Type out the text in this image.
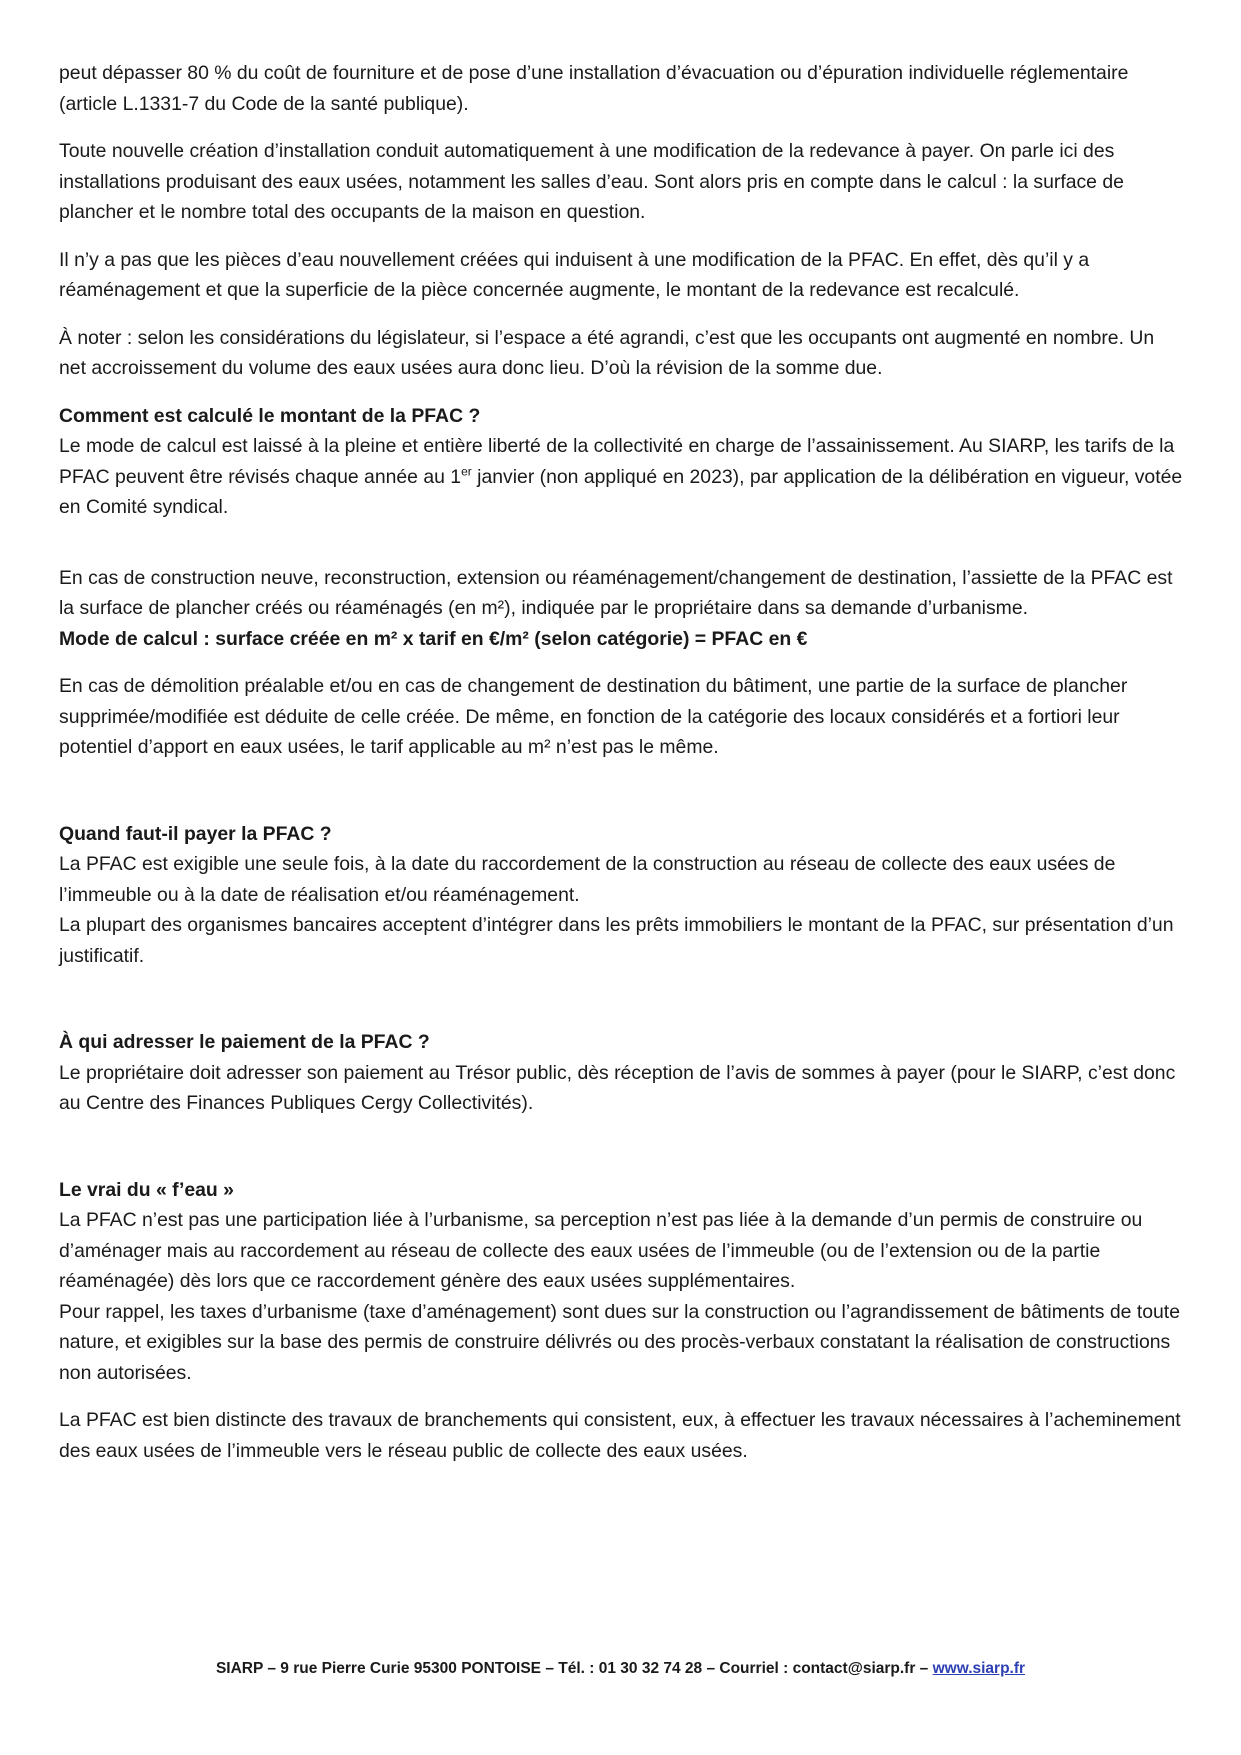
peut dépasser 80 % du coût de fourniture et de pose d’une installation d’évacuation ou d’épuration individuelle réglementaire (article L.1331-7 du Code de la santé publique).

Toute nouvelle création d’installation conduit automatiquement à une modification de la redevance à payer. On parle ici des installations produisant des eaux usées, notamment les salles d’eau. Sont alors pris en compte dans le calcul : la surface de plancher et le nombre total des occupants de la maison en question.

Il n’y a pas que les pièces d’eau nouvellement créées qui induisent à une modification de la PFAC. En effet, dès qu’il y a réaménagement et que la superficie de la pièce concernée augmente, le montant de la redevance est recalculé.

À noter : selon les considérations du législateur, si l’espace a été agrandi, c’est que les occupants ont augmenté en nombre. Un net accroissement du volume des eaux usées aura donc lieu. D’où la révision de la somme due.

Comment est calculé le montant de la PFAC ?

Le mode de calcul est laissé à la pleine et entière liberté de la collectivité en charge de l’assainissement. Au SIARP, les tarifs de la PFAC peuvent être révisés chaque année au 1er janvier (non appliqué en 2023), par application de la délibération en vigueur, votée en Comité syndical.

En cas de construction neuve, reconstruction, extension ou réaménagement/changement de destination, l’assiette de la PFAC est la surface de plancher créés ou réaménagés (en m²), indiquée par le propriétaire dans sa demande d’urbanisme.

Mode de calcul : surface créée en m² x tarif en €/m² (selon catégorie) = PFAC en €

En cas de démolition préalable et/ou en cas de changement de destination du bâtiment, une partie de la surface de plancher supprimée/modifiée est déduite de celle créée. De même, en fonction de la catégorie des locaux considérés et a fortiori leur potentiel d’apport en eaux usées, le tarif applicable au m² n’est pas le même.

Quand faut-il payer la PFAC ?

La PFAC est exigible une seule fois, à la date du raccordement de la construction au réseau de collecte des eaux usées de l’immeuble ou à la date de réalisation et/ou réaménagement.

La plupart des organismes bancaires acceptent d’intégrer dans les prêts immobiliers le montant de la PFAC, sur présentation d’un justificatif.

À qui adresser le paiement de la PFAC ?

Le propriétaire doit adresser son paiement au Trésor public, dès réception de l’avis de sommes à payer (pour le SIARP, c’est donc au Centre des Finances Publiques Cergy Collectivités).

Le vrai du « f’eau »

La PFAC n’est pas une participation liée à l’urbanisme, sa perception n’est pas liée à la demande d’un permis de construire ou d’aménager mais au raccordement au réseau de collecte des eaux usées de l’immeuble (ou de l’extension ou de la partie réaménagée) dès lors que ce raccordement génère des eaux usées supplémentaires.

Pour rappel, les taxes d’urbanisme (taxe d’aménagement) sont dues sur la construction ou l’agrandissement de bâtiments de toute nature, et exigibles sur la base des permis de construire délivrés ou des procès-verbaux constatant la réalisation de constructions non autorisées.

La PFAC est bien distincte des travaux de branchements qui consistent, eux, à effectuer les travaux nécessaires à l’acheminement des eaux usées de l’immeuble vers le réseau public de collecte des eaux usées.

SIARP – 9 rue Pierre Curie 95300 PONTOISE – Tél. : 01 30 32 74 28 – Courriel : contact@siarp.fr – www.siarp.fr
